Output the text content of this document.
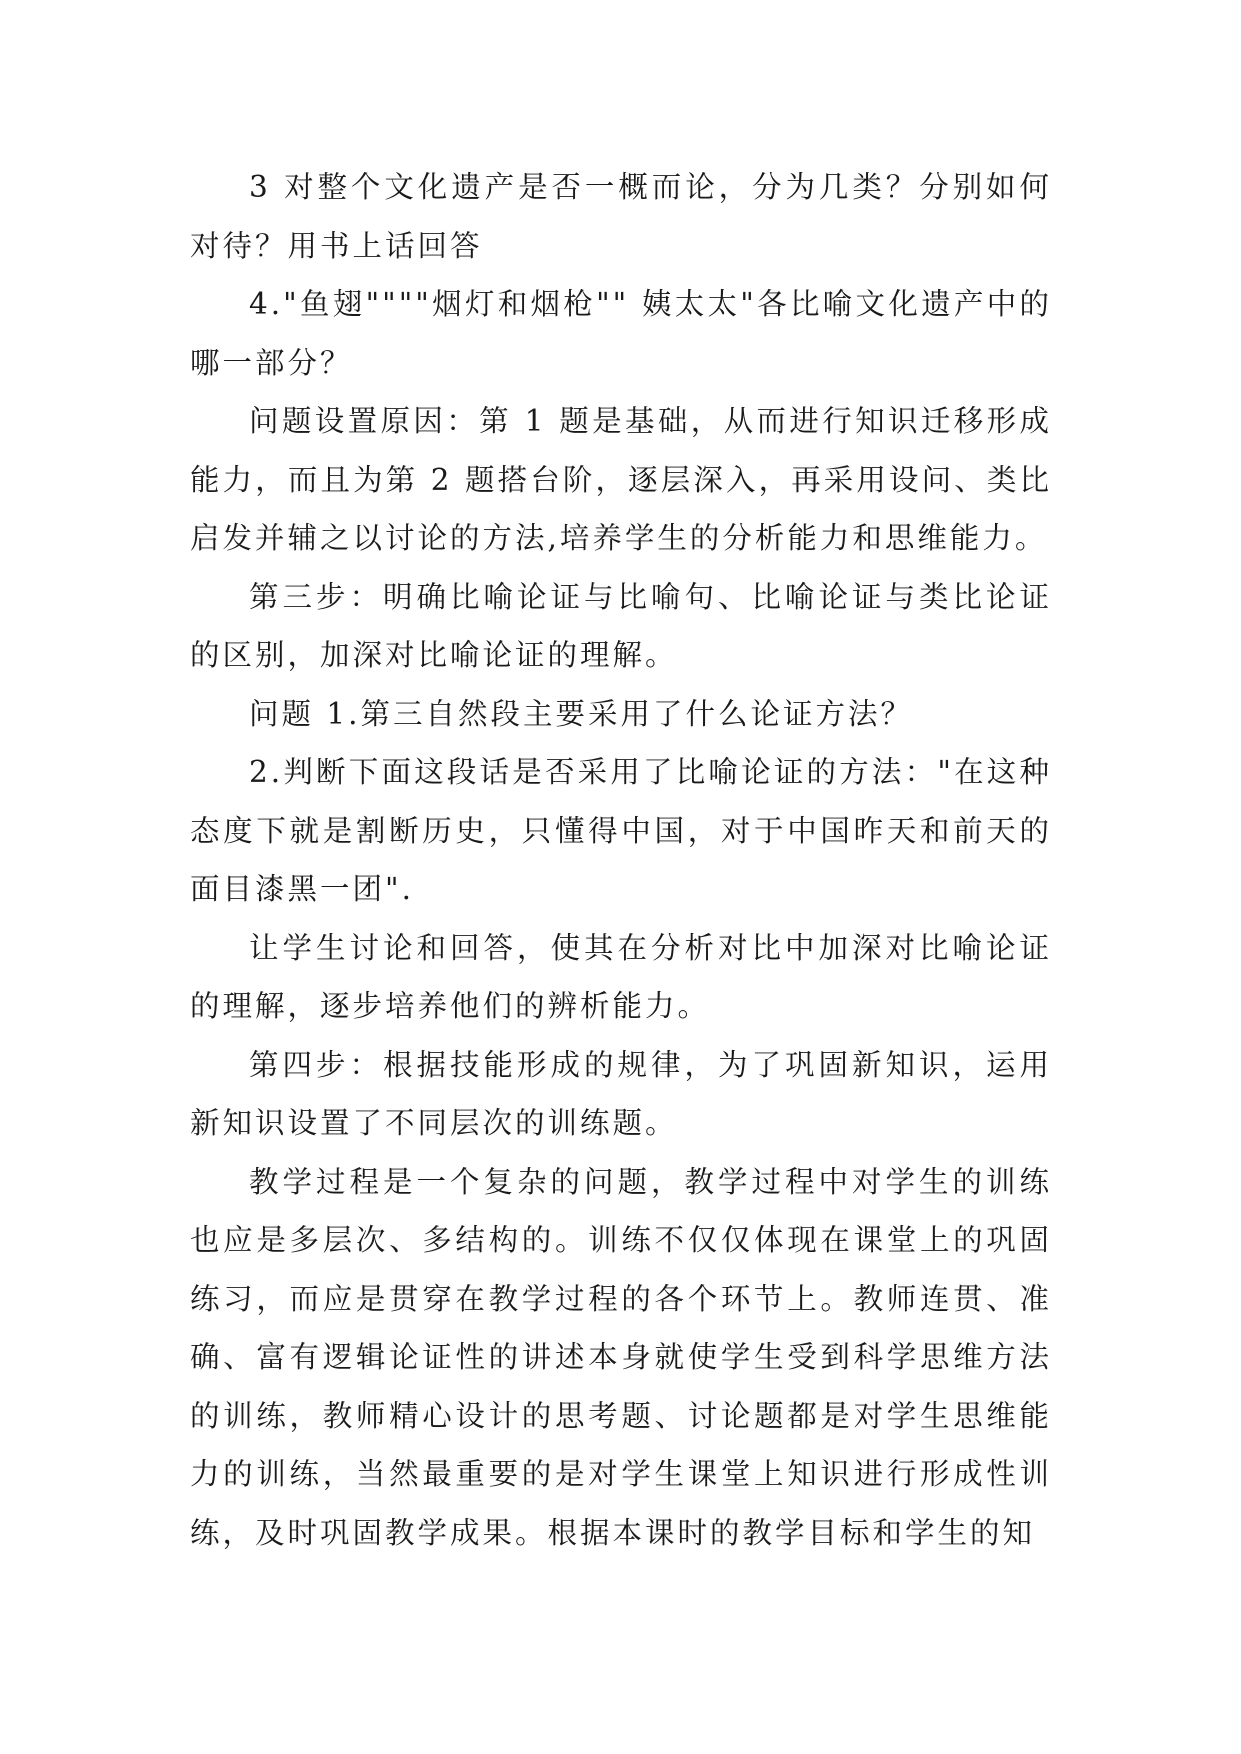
3 对整个文化遗产是否一概而论，分为几类？分别如何对待？用书上话回答

4."鱼翅""""烟灯和烟枪"" 姨太太"各比喻文化遗产中的哪一部分？

问题设置原因：第 1 题是基础，从而进行知识迁移形成能力，而且为第 2 题搭台阶，逐层深入，再采用设问、类比启发并辅之以讨论的方法,培养学生的分析能力和思维能力。

第三步：明确比喻论证与比喻句、比喻论证与类比论证的区别，加深对比喻论证的理解。

问题 1.第三自然段主要采用了什么论证方法？

2.判断下面这段话是否采用了比喻论证的方法："在这种态度下就是割断历史，只懂得中国，对于中国昨天和前天的面目漆黑一团".

让学生讨论和回答，使其在分析对比中加深对比喻论证的理解，逐步培养他们的辨析能力。

第四步：根据技能形成的规律，为了巩固新知识，运用新知识设置了不同层次的训练题。

教学过程是一个复杂的问题，教学过程中对学生的训练也应是多层次、多结构的。训练不仅仅体现在课堂上的巩固练习，而应是贯穿在教学过程的各个环节上。教师连贯、准确、富有逻辑论证性的讲述本身就使学生受到科学思维方法的训练，教师精心设计的思考题、讨论题都是对学生思维能力的训练，当然最重要的是对学生课堂上知识进行形成性训练，及时巩固教学成果。根据本课时的教学目标和学生的知
